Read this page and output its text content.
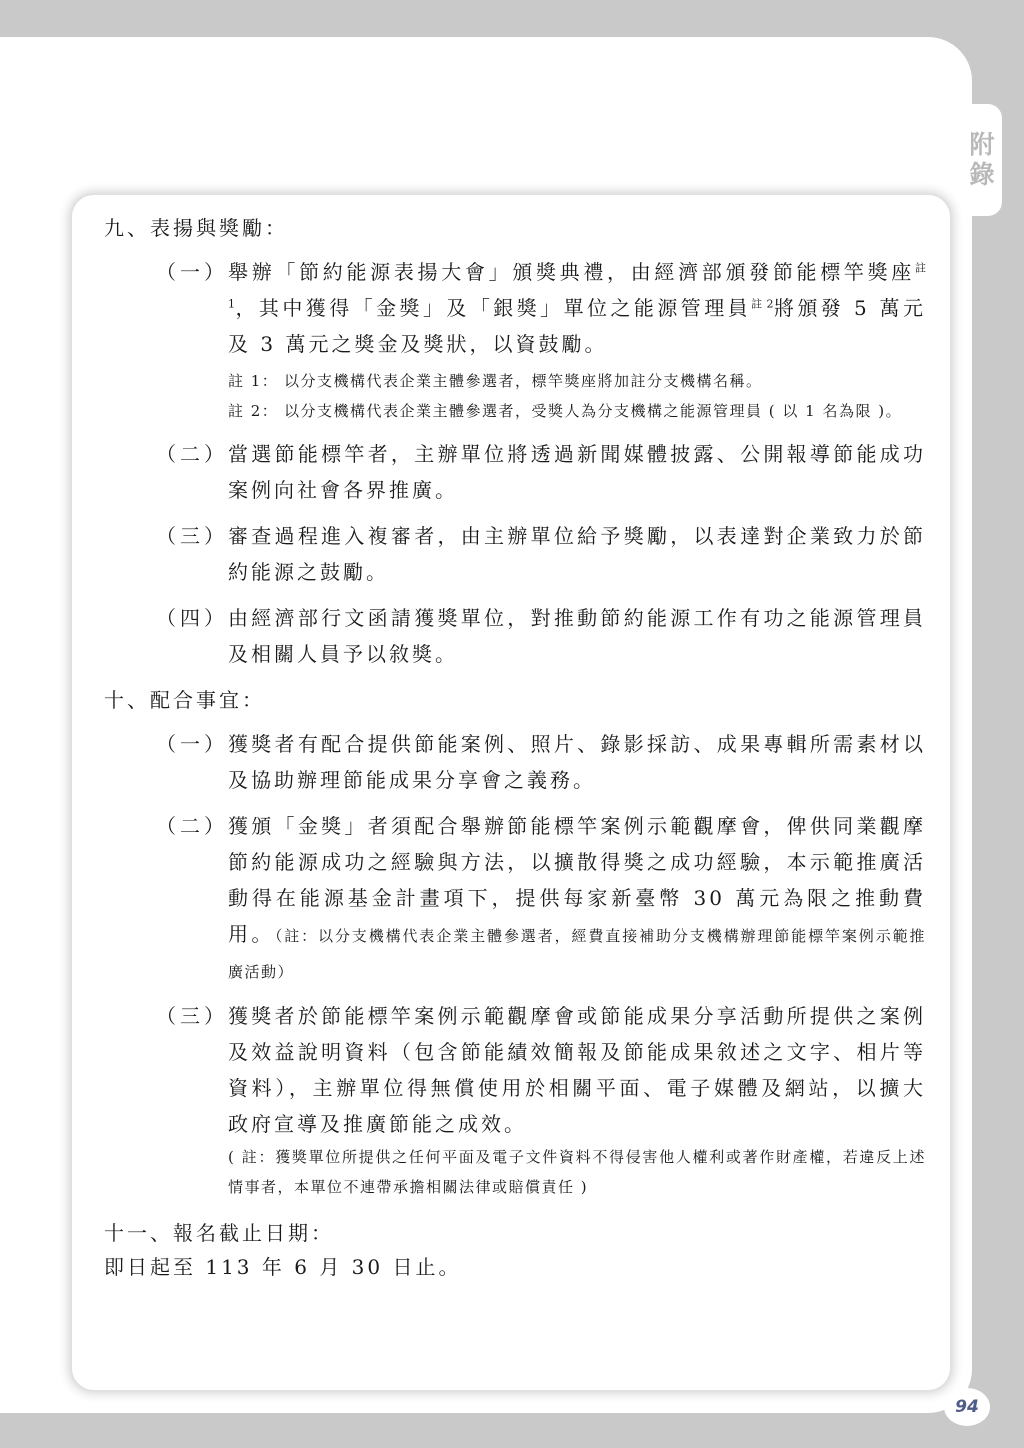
附錄

九、表揚與獎勵：

（一） 舉辦「節約能源表揚大會」頒獎典禮，由經濟部頒發節能標竿獎座$^{註 1}$，其中獲得「金獎」及「銀獎」單位之能源管理員$^{註 2}$將頒發 5 萬元及 3 萬元之獎金及獎狀，以資鼓勵。
註 1： 以分支機構代表企業主體參選者，標竿獎座將加註分支機構名稱。
註 2： 以分支機構代表企業主體參選者，受獎人為分支機構之能源管理員 ( 以 1 名為限 )。
（二） 當選節能標竿者，主辦單位將透過新聞媒體披露、公開報導節能成功案例向社會各界推廣。
（三） 審查過程進入複審者，由主辦單位給予獎勵，以表達對企業致力於節約能源之鼓勵。
（四） 由經濟部行文函請獲獎單位，對推動節約能源工作有功之能源管理員及相關人員予以敘獎。

十、配合事宜：

（一） 獲獎者有配合提供節能案例、照片、錄影採訪、成果專輯所需素材以及協助辦理節能成果分享會之義務。
（二） 獲頒「金獎」者須配合舉辦節能標竿案例示範觀摩會，俾供同業觀摩節約能源成功之經驗與方法，以擴散得獎之成功經驗，本示範推廣活動得在能源基金計畫項下，提供每家新臺幣 30 萬元為限之推動費用。（註：以分支機構代表企業主體參選者，經費直接補助分支機構辦理節能標竿案例示範推廣活動）
（三） 獲獎者於節能標竿案例示範觀摩會或節能成果分享活動所提供之案例及效益說明資料（包含節能績效簡報及節能成果敘述之文字、相片等資料），主辦單位得無償使用於相關平面、電子媒體及網站，以擴大政府宣導及推廣節能之成效。
( 註：獲獎單位所提供之任何平面及電子文件資料不得侵害他人權利或著作財產權，若違反上述情事者，本單位不連帶承擔相關法律或賠償責任 )

十一、報名截止日期：

即日起至 113 年 6 月 30 日止。

94
